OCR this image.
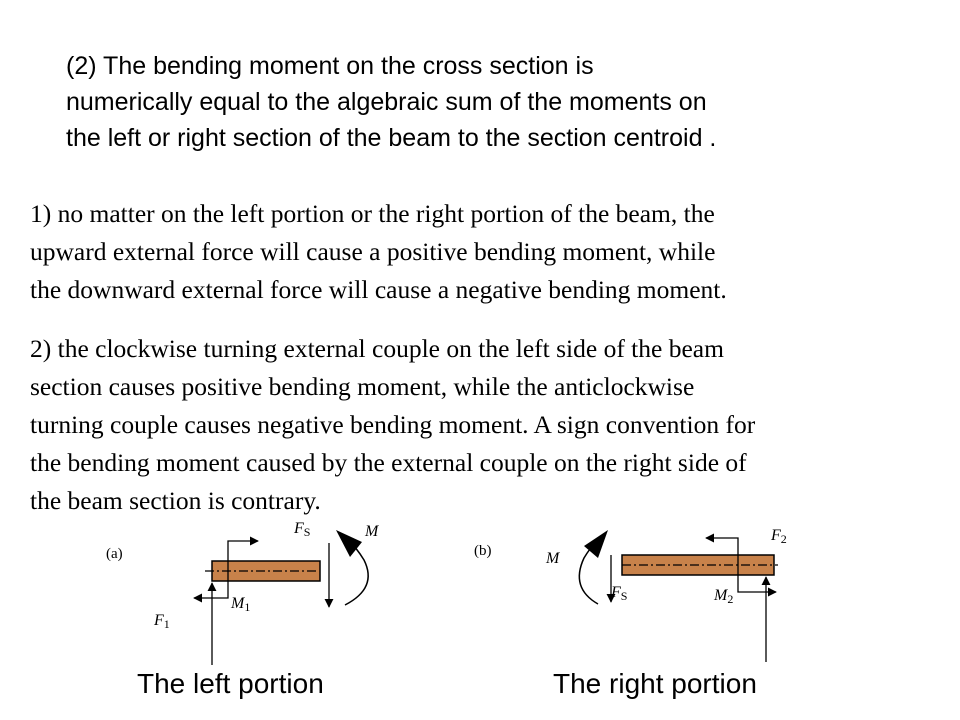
(2) The bending moment on the cross section is
numerically equal to the algebraic sum of the moments on
the left or right section of the beam to the section centroid .
1) no matter on the left portion or the right portion of the beam, the
upward external force will cause a positive bending moment, while
the downward external force will cause a negative bending moment.
2) the clockwise turning external couple on the left side of the beam
section causes positive bending moment, while the anticlockwise
turning couple causes negative bending moment. A sign convention for
the bending moment caused by the external couple on the right side of
the beam section is contrary.
(a)
FS	M
M1
F1
(b)	M
FS	M2
F2
The left portion	The right portion
